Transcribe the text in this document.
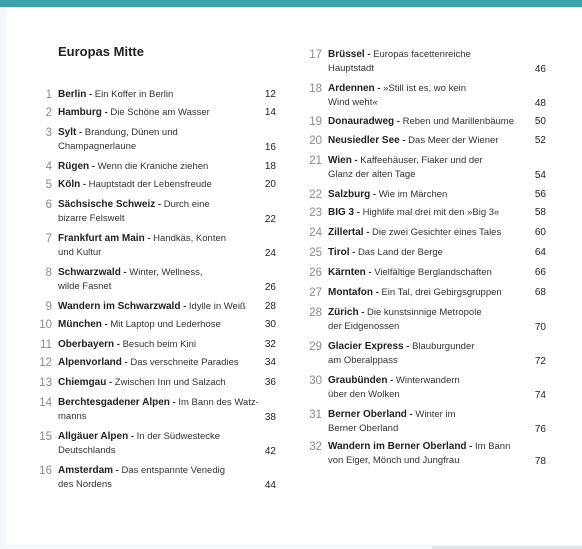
Europas Mitte
1 Berlin - Ein Koffer in Berlin	12
2 Hamburg - Die Schöne am Wasser	14
3 Sylt - Brandung, Dünen und

Champagnerlaune	16
4 Rügen - Wenn die Kraniche ziehen	18
5 Köln - Hauptstadt der Lebensfreude	20
6 Sächsische Schweiz - Durch eine

bizarre Felswelt	22
7 Frankfurt am Main - Handkäs, Konten

und Kultur	24
8 Schwarzwald - Winter, Wellness,

wilde Fasnet	26
9 Wandern im Schwarzwald - Idylle in Weiß	28
10 München - Mit Laptop und Lederhose	30
11 Oberbayern - Besuch beim Kini	32
12 Alpenvorland - Das verschneite Paradies	34
13 Chiemgau - Zwischen Inn und Salzach	36
14 Berchtesgadener Alpen - Im Bann des Watz-

manns	38
15 Allgäuer Alpen - In der Südwestecke

Deutschlands	42
16 Amsterdam - Das entspannte Venedig

des Nordens	44
17 Brüssel - Europas facettenreiche

Hauptstadt	46
18 Ardennen - »Still ist es, wo kein

Wind weht«	48
19 Donauradweg - Reben und Marillenbäume	50
20 Neusiedler See - Das Meer der Wiener	52
21 Wien - Kaffeehäuser, Fiaker und der

Glanz der alten Tage	54
22 Salzburg - Wie im Märchen	56
23 BIG 3 - Highlife mal drei mit den »Big 3«	58
24 Zillertal - Die zwei Gesichter eines Tales	60
25 Tirol - Das Land der Berge	64
26 Kärnten - Vielfältige Berglandschaften	66
27 Montafon - Ein Tal, drei Gebirgsgruppen	68
28 Zürich - Die kunstsinnige Metropole

der Eidgenossen	70
29 Glacier Express - Blauburgunder

am Oberalppass	72
30 Graubünden - Winterwandern

über den Wolken	74
31 Berner Oberland - Winter im

Berner Oberland	76
32 Wandern im Berner Oberland - Im Bann

von Eiger, Mönch und Jungfrau	78
